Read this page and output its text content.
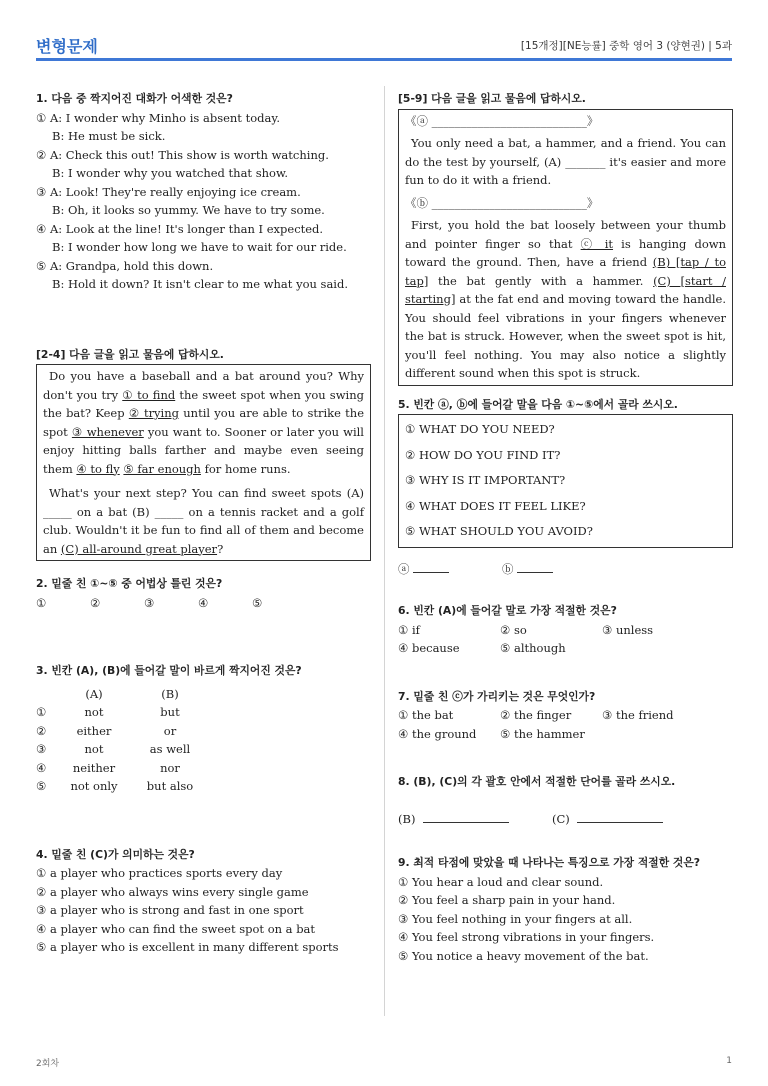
변형문제	[15개정][NE능률] 중학 영어 3 (양현권) | 5과

1. 다음 중 짝지어진 대화가 어색한 것은?

① A: I wonder why Minho is absent today.
B: He must be sick.
② A: Check this out! This show is worth watching.
B: I wonder why you watched that show.
③ A: Look! They're really enjoying ice cream.
B: Oh, it looks so yummy. We have to try some.
④ A: Look at the line! It's longer than I expected.
B: I wonder how long we have to wait for our ride.
⑤ A: Grandpa, hold this down.
B: Hold it down? It isn't clear to me what you said.

[2-4] 다음 글을 읽고 물음에 답하시오.

Do you have a baseball and a bat around you? Why don't you try ① to find the sweet spot when you swing the bat? Keep ② trying until you are able to strike the spot ③ whenever you want to. Sooner or later you will enjoy hitting balls farther and maybe even seeing them ④ to fly ⑤ far enough for home runs.
What's your next step? You can find sweet spots (A) _____ on a bat (B) _____ on a tennis racket and a golf club. Wouldn't it be fun to find all of them and become an (C) all-around great player?

2. 밑줄 친 ①~⑤ 중 어법상 틀린 것은?

①	②	③	④	⑤

3. 빈칸 (A), (B)에 들어갈 말이 바르게 짝지어진 것은?

(A)	(B)
①	not	but
②	either	or
③	not	as well
④	neither	nor
⑤	not only	but also

4. 밑줄 친 (C)가 의미하는 것은?

① a player who practices sports every day
② a player who always wins every single game
③ a player who is strong and fast in one sport
④ a player who can find the sweet spot on a bat
⑤ a player who is excellent in many different sports

[5-9] 다음 글을 읽고 물음에 답하시오.

《ⓐ ___________________________》
You only need a bat, a hammer, and a friend. You can do the test by yourself, (A) _______ it's easier and more fun to do it with a friend.
《ⓑ ___________________________》
First, you hold the bat loosely between your thumb and pointer finger so that ⓒ it is hanging down toward the ground. Then, have a friend (B) [tap / to tap] the bat gently with a hammer. (C) [start / starting] at the fat end and moving toward the handle. You should feel vibrations in your fingers whenever the bat is struck. However, when the sweet spot is hit, you'll feel nothing. You may also notice a slightly different sound when this spot is struck.

5. 빈칸 ⓐ, ⓑ에 들어갈 말을 다음 ①~⑤에서 골라 쓰시오.

① WHAT DO YOU NEED?
② HOW DO YOU FIND IT?
③ WHY IS IT IMPORTANT?
④ WHAT DOES IT FEEL LIKE?
⑤ WHAT SHOULD YOU AVOID?
ⓐ	ⓑ

6. 빈칸 (A)에 들어갈 말로 가장 적절한 것은?

① if	② so	③ unless
④ because	⑤ although

7. 밑줄 친 ⓒ가 가리키는 것은 무엇인가?

① the bat	② the finger	③ the friend
④ the ground	⑤ the hammer

8. (B), (C)의 각 괄호 안에서 적절한 단어를 골라 쓰시오.

(B)	(C)

9. 최적 타점에 맞았을 때 나타나는 특징으로 가장 적절한 것은?

① You hear a loud and clear sound.
② You feel a sharp pain in your hand.
③ You feel nothing in your fingers at all.
④ You feel strong vibrations in your fingers.
⑤ You notice a heavy movement of the bat.
2회차	1
